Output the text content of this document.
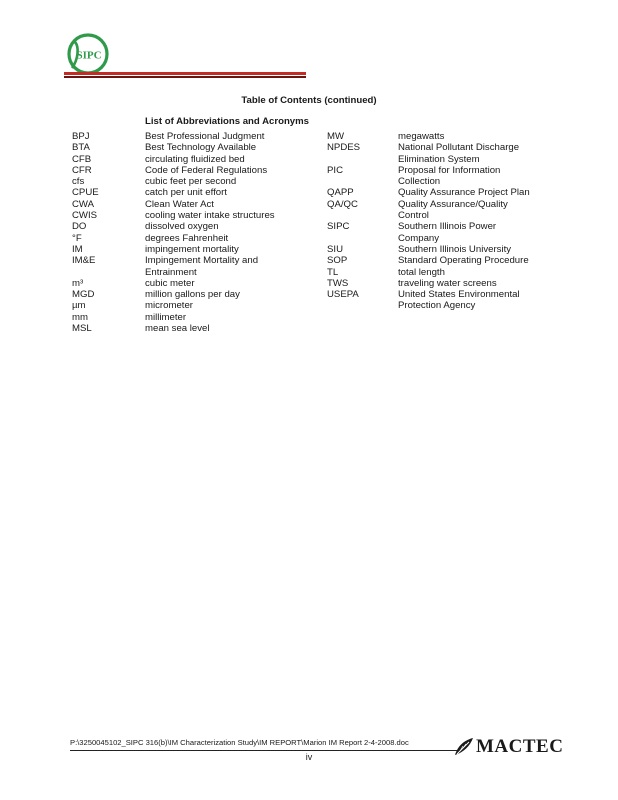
SIPC
Table of Contents (continued)
List of Abbreviations and Acronyms
BPJ	Best Professional Judgment
BTA	Best Technology Available
CFB	circulating fluidized bed
CFR	Code of Federal Regulations
cfs	cubic feet per second
CPUE	catch per unit effort
CWA	Clean Water Act
CWIS	cooling water intake structures
DO	dissolved oxygen
°F	degrees Fahrenheit
IM	impingement mortality
IM&E	Impingement Mortality and
Entrainment
m³	cubic meter
MGD	million gallons per day
µm	micrometer
mm	millimeter
MSL	mean sea level
MW	megawatts
NPDES	National Pollutant Discharge
Elimination System
PIC	Proposal for Information
Collection
QAPP	Quality Assurance Project Plan
QA/QC	Quality Assurance/Quality
Control
SIPC	Southern Illinois Power
Company
SIU	Southern Illinois University
SOP	Standard Operating Procedure
TL	total length
TWS	traveling water screens
USEPA	United States Environmental
Protection Agency
P:\3250045102_SIPC 316(b)\IM Characterization Study\IM REPORT\Marion IM Report 2-4-2008.doc
iv	MACTEC
